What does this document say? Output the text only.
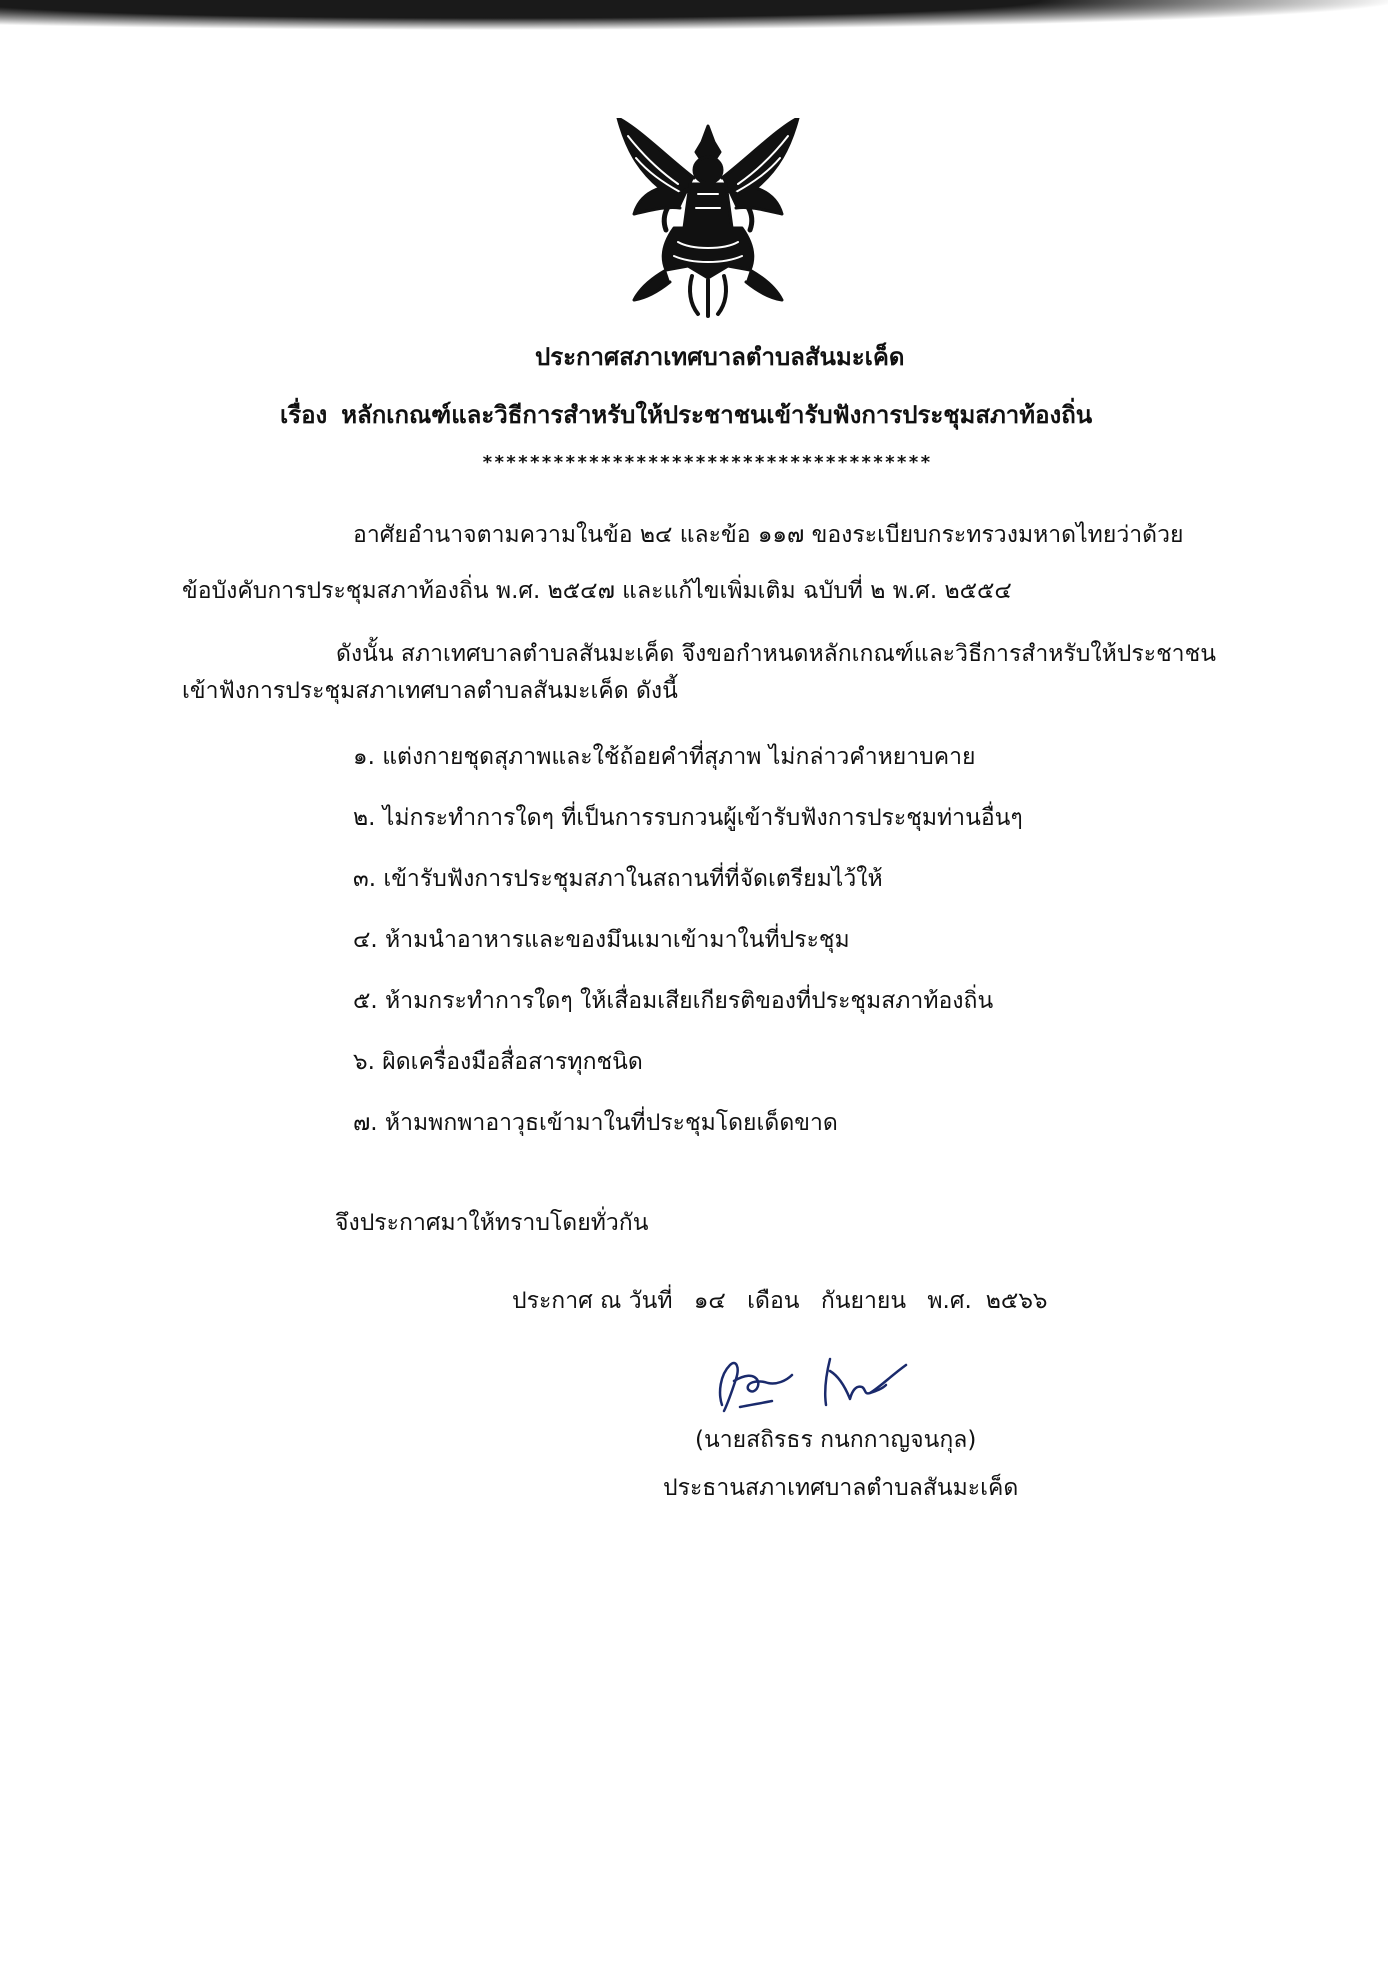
ประกาศสภาเทศบาลตำบลสันมะเค็ด
เรื่อง หลักเกณฑ์และวิธีการสำหรับให้ประชาชนเข้ารับฟังการประชุมสภาท้องถิ่น
**************************************
อาศัยอำนาจตามความในข้อ ๒๔ และข้อ ๑๑๗ ของระเบียบกระทรวงมหาดไทยว่าด้วย
ข้อบังคับการประชุมสภาท้องถิ่น พ.ศ. ๒๕๔๗ และแก้ไขเพิ่มเติม ฉบับที่ ๒ พ.ศ. ๒๕๕๔
ดังนั้น สภาเทศบาลตำบลสันมะเค็ด จึงขอกำหนดหลักเกณฑ์และวิธีการสำหรับให้ประชาชน
เข้าฟังการประชุมสภาเทศบาลตำบลสันมะเค็ด ดังนี้
๑. แต่งกายชุดสุภาพและใช้ถ้อยคำที่สุภาพ ไม่กล่าวคำหยาบคาย
๒. ไม่กระทำการใดๆ ที่เป็นการรบกวนผู้เข้ารับฟังการประชุมท่านอื่นๆ
๓. เข้ารับฟังการประชุมสภาในสถานที่ที่จัดเตรียมไว้ให้
๔. ห้ามนำอาหารและของมึนเมาเข้ามาในที่ประชุม
๕. ห้ามกระทำการใดๆ ให้เสื่อมเสียเกียรติของที่ประชุมสภาท้องถิ่น
๖. ผิดเครื่องมือสื่อสารทุกชนิด
๗. ห้ามพกพาอาวุธเข้ามาในที่ประชุมโดยเด็ดขาด
จึงประกาศมาให้ทราบโดยทั่วกัน
ประกาศ ณ วันที่ ๑๔ เดือน กันยายน พ.ศ. ๒๕๖๖
(นายสถิรธร กนกกาญจนกุล)
ประธานสภาเทศบาลตำบลสันมะเค็ด
